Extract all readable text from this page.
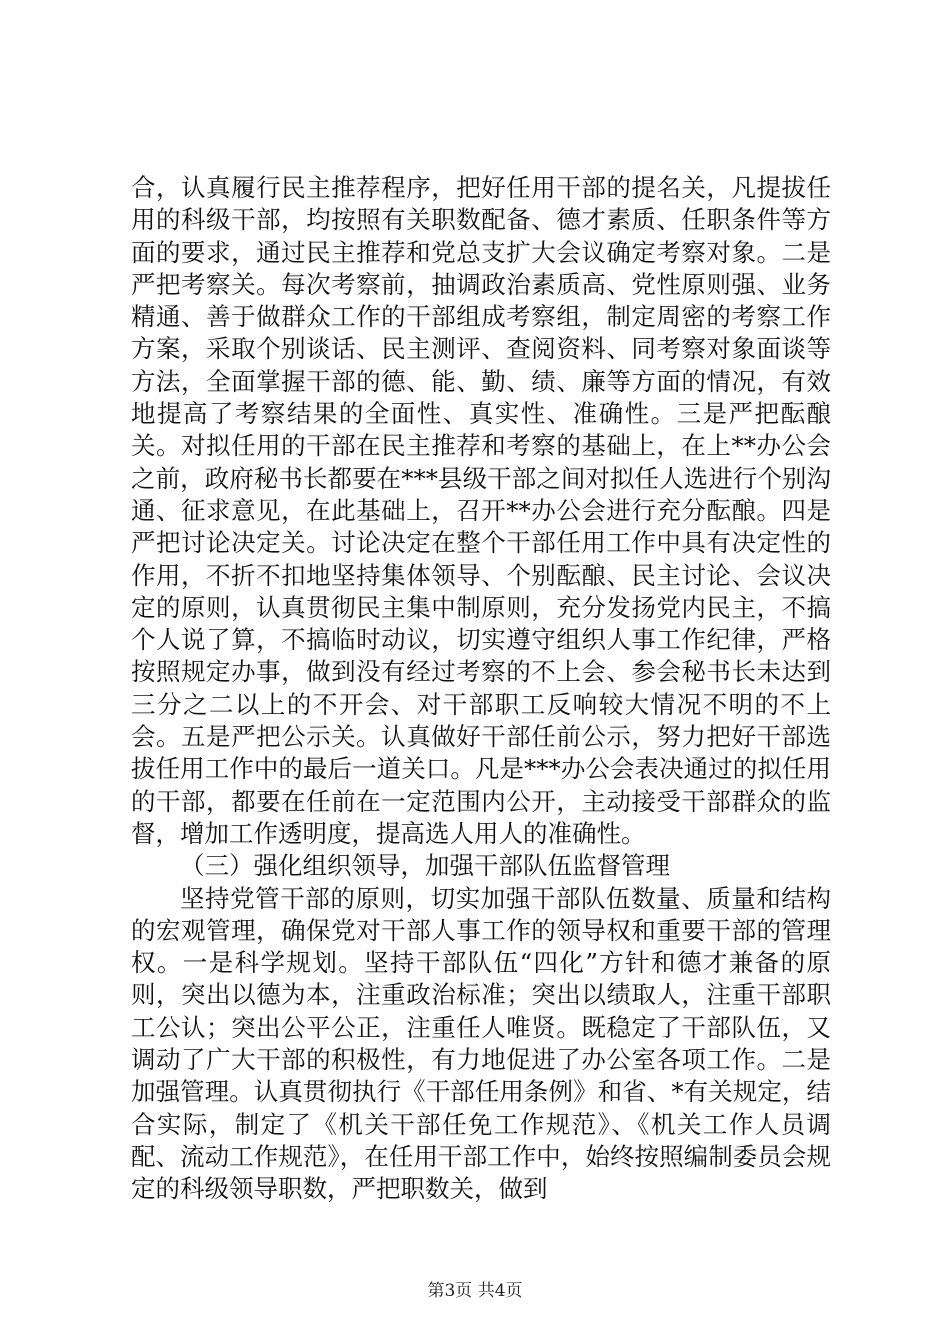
合，认真履行民主推荐程序，把好任用干部的提名关，凡提拔任用的科级干部，均按照有关职数配备、德才素质、任职条件等方面的要求，通过民主推荐和党总支扩大会议确定考察对象。二是严把考察关。每次考察前，抽调政治素质高、党性原则强、业务精通、善于做群众工作的干部组成考察组，制定周密的考察工作方案，采取个别谈话、民主测评、查阅资料、同考察对象面谈等方法，全面掌握干部的德、能、勤、绩、廉等方面的情况，有效地提高了考察结果的全面性、真实性、准确性。三是严把酝酿关。对拟任用的干部在民主推荐和考察的基础上，在上**办公会之前，政府秘书长都要在***县级干部之间对拟任人选进行个别沟通、征求意见，在此基础上，召开**办公会进行充分酝酿。四是严把讨论决定关。讨论决定在整个干部任用工作中具有决定性的作用，不折不扣地坚持集体领导、个别酝酿、民主讨论、会议决定的原则，认真贯彻民主集中制原则，充分发扬党内民主，不搞个人说了算，不搞临时动议，切实遵守组织人事工作纪律，严格按照规定办事，做到没有经过考察的不上会、参会秘书长未达到三分之二以上的不开会、对干部职工反响较大情况不明的不上会。五是严把公示关。认真做好干部任前公示，努力把好干部选拔任用工作中的最后一道关口。凡是***办公会表决通过的拟任用的干部，都要在任前在一定范围内公开，主动接受干部群众的监督，增加工作透明度，提高选人用人的准确性。

（三）强化组织领导，加强干部队伍监督管理

坚持党管干部的原则，切实加强干部队伍数量、质量和结构的宏观管理，确保党对干部人事工作的领导权和重要干部的管理权。一是科学规划。坚持干部队伍“四化”方针和德才兼备的原则，突出以德为本，注重政治标准；突出以绩取人，注重干部职工公认；突出公平公正，注重任人唯贤。既稳定了干部队伍，又调动了广大干部的积极性，有力地促进了办公室各项工作。二是加强管理。认真贯彻执行《干部任用条例》和省、*有关规定，结合实际，制定了《机关干部任免工作规范》、《机关工作人员调配、流动工作规范》，在任用干部工作中，始终按照编制委员会规定的科级领导职数，严把职数关，做到

第3页 共4页
